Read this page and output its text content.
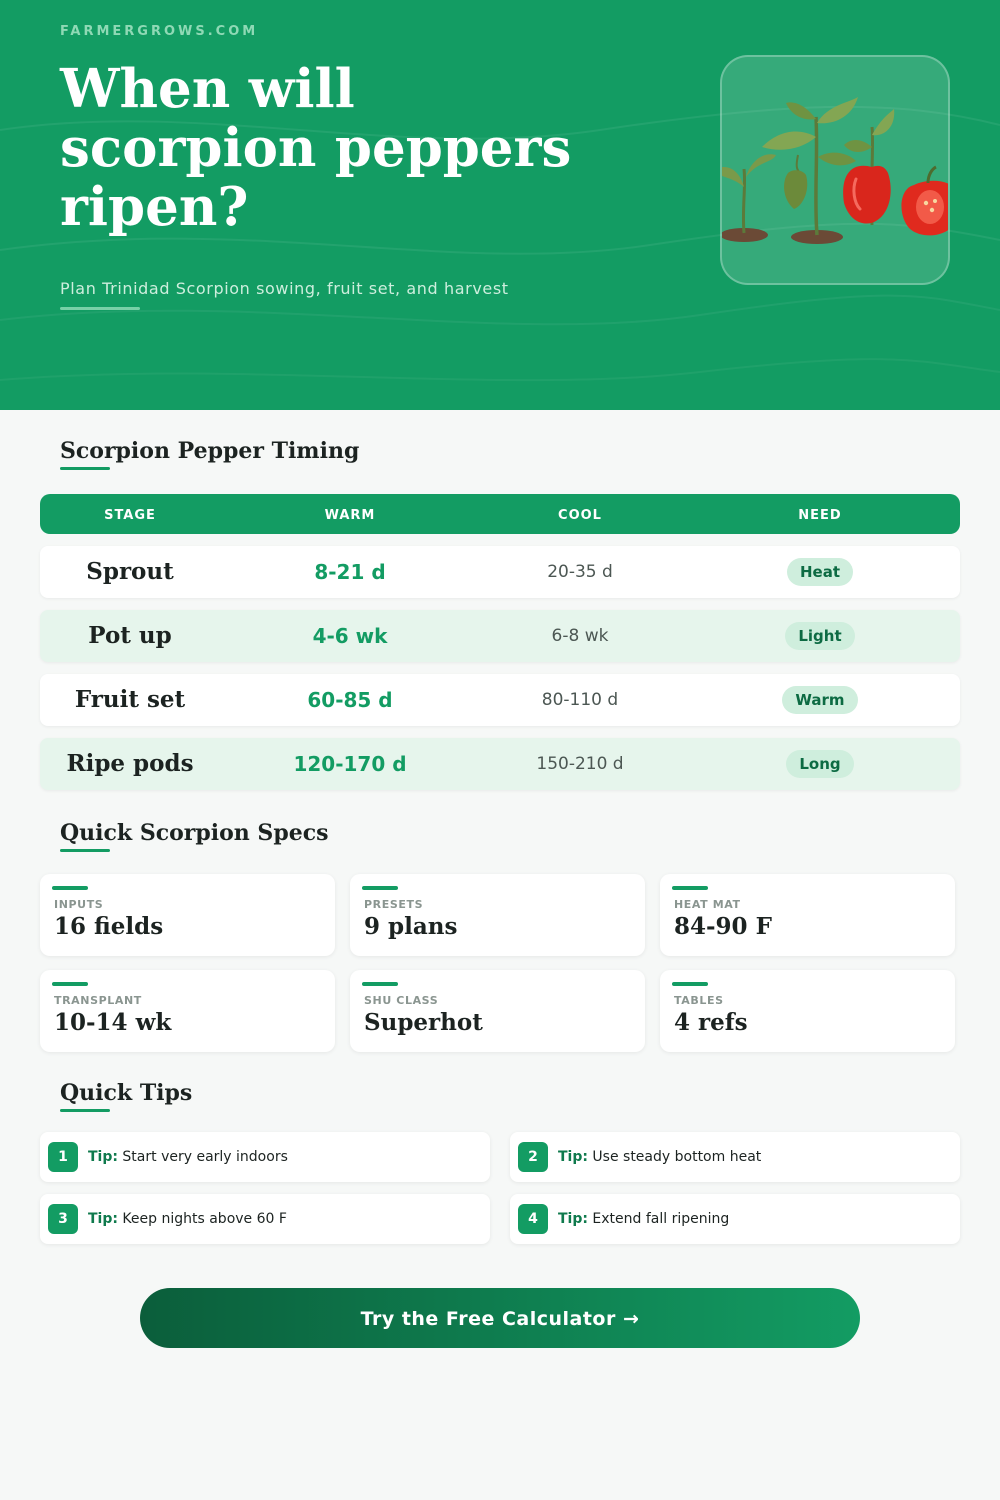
FARMERGROWS.COM
When will scorpion peppers ripen?
Plan Trinidad Scorpion sowing, fruit set, and harvest
Scorpion Pepper Timing
STAGE	WARM	COOL	NEED
Sprout	8-21 d	20-35 d	Heat
Pot up	4-6 wk	6-8 wk	Light
Fruit set	60-85 d	80-110 d	Warm
Ripe pods	120-170 d	150-210 d	Long
Quick Scorpion Specs
INPUTS
16 fields
PRESETS
9 plans
HEAT MAT
84-90 F
TRANSPLANT
10-14 wk
SHU CLASS
Superhot
TABLES
4 refs
Quick Tips
1	Tip: Start very early indoors	2	Tip: Use steady bottom heat
3	Tip: Keep nights above 60 F	4	Tip: Extend fall ripening
Try the Free Calculator →
